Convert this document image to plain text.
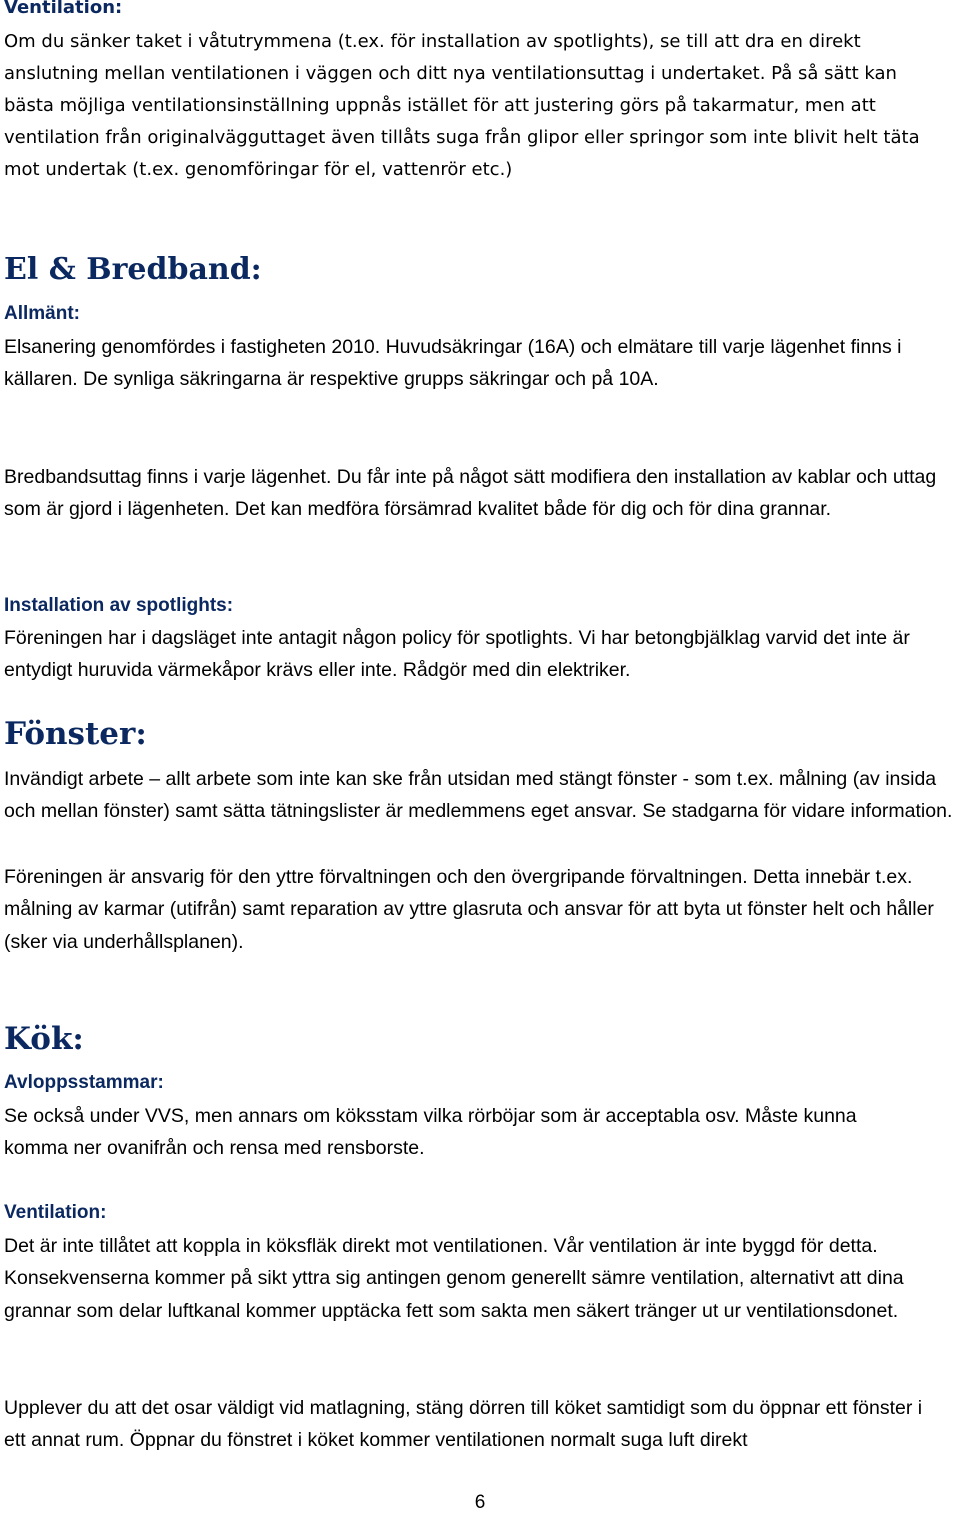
Ventilation:

Om du sänker taket i våtutrymmena (t.ex. för installation av spotlights), se till att dra en direkt anslutning mellan ventilationen i väggen och ditt nya ventilationsuttag i undertaket. På så sätt kan bästa möjliga ventilationsinställning uppnås istället för att justering görs på takarmatur, men att ventilation från originalvägguttaget även tillåts suga från glipor eller springor som inte blivit helt täta mot undertak (t.ex. genomföringar för el, vattenrör etc.)

El & Bredband:

Allmänt:

Elsanering genomfördes i fastigheten 2010. Huvudsäkringar (16A) och elmätare till varje lägenhet finns i källaren. De synliga säkringarna är respektive grupps säkringar och på 10A.

Bredbandsuttag finns i varje lägenhet. Du får inte på något sätt modifiera den installation av kablar och uttag som är gjord i lägenheten. Det kan medföra försämrad kvalitet både för dig och för dina grannar.

Installation av spotlights:

Föreningen har i dagsläget inte antagit någon policy för spotlights. Vi har betongbjälklag varvid det inte är entydigt huruvida värmekåpor krävs eller inte. Rådgör med din elektriker.

Fönster:

Invändigt arbete – allt arbete som inte kan ske från utsidan med stängt fönster - som t.ex. målning (av insida och mellan fönster) samt sätta tätningslister är medlemmens eget ansvar. Se stadgarna för vidare information.

Föreningen är ansvarig för den yttre förvaltningen och den övergripande förvaltningen. Detta innebär t.ex. målning av karmar (utifrån) samt reparation av yttre glasruta och ansvar för att byta ut fönster helt och håller (sker via underhållsplanen).

Kök:

Avloppsstammar:

Se också under VVS, men annars om köksstam vilka rörböjar som är acceptabla osv. Måste kunna komma ner ovanifrån och rensa med rensborste.

Ventilation:

Det är inte tillåtet att koppla in köksfläk direkt mot ventilationen. Vår ventilation är inte byggd för detta. Konsekvenserna kommer på sikt yttra sig antingen genom generellt sämre ventilation, alternativt att dina grannar som delar luftkanal kommer upptäcka fett som sakta men säkert tränger ut ur ventilationsdonet.

Upplever du att det osar väldigt vid matlagning, stäng dörren till köket samtidigt som du öppnar ett fönster i ett annat rum. Öppnar du fönstret i köket kommer ventilationen normalt suga luft direkt

6
